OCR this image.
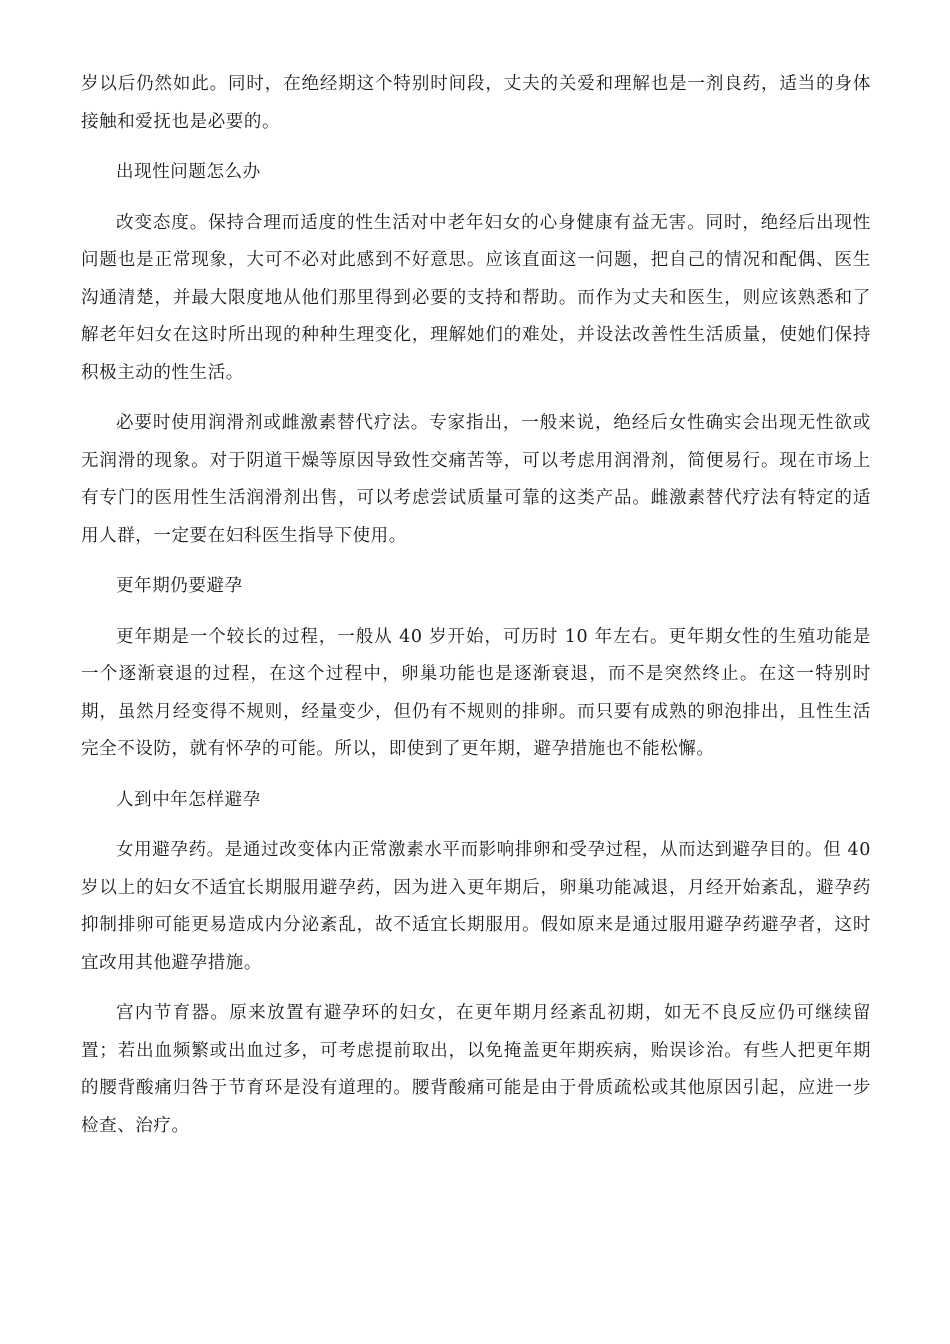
岁以后仍然如此。同时，在绝经期这个特别时间段，丈夫的关爱和理解也是一剂良药，适当的身体接触和爱抚也是必要的。

出现性问题怎么办

改变态度。保持合理而适度的性生活对中老年妇女的心身健康有益无害。同时，绝经后出现性问题也是正常现象，大可不必对此感到不好意思。应该直面这一问题，把自己的情况和配偶、医生沟通清楚，并最大限度地从他们那里得到必要的支持和帮助。而作为丈夫和医生，则应该熟悉和了解老年妇女在这时所出现的种种生理变化，理解她们的难处，并设法改善性生活质量，使她们保持积极主动的性生活。

必要时使用润滑剂或雌激素替代疗法。专家指出，一般来说，绝经后女性确实会出现无性欲或无润滑的现象。对于阴道干燥等原因导致性交痛苦等，可以考虑用润滑剂，简便易行。现在市场上有专门的医用性生活润滑剂出售，可以考虑尝试质量可靠的这类产品。雌激素替代疗法有特定的适用人群，一定要在妇科医生指导下使用。

更年期仍要避孕

更年期是一个较长的过程，一般从 40 岁开始，可历时 10 年左右。更年期女性的生殖功能是一个逐渐衰退的过程，在这个过程中，卵巢功能也是逐渐衰退，而不是突然终止。在这一特别时期，虽然月经变得不规则，经量变少，但仍有不规则的排卵。而只要有成熟的卵泡排出，且性生活完全不设防，就有怀孕的可能。所以，即使到了更年期，避孕措施也不能松懈。

人到中年怎样避孕

女用避孕药。是通过改变体内正常激素水平而影响排卵和受孕过程，从而达到避孕目的。但 40 岁以上的妇女不适宜长期服用避孕药，因为进入更年期后，卵巢功能减退，月经开始紊乱，避孕药抑制排卵可能更易造成内分泌紊乱，故不适宜长期服用。假如原来是通过服用避孕药避孕者，这时宜改用其他避孕措施。

宫内节育器。原来放置有避孕环的妇女，在更年期月经紊乱初期，如无不良反应仍可继续留置；若出血频繁或出血过多，可考虑提前取出，以免掩盖更年期疾病，贻误诊治。有些人把更年期的腰背酸痛归咎于节育环是没有道理的。腰背酸痛可能是由于骨质疏松或其他原因引起，应进一步检查、治疗。
